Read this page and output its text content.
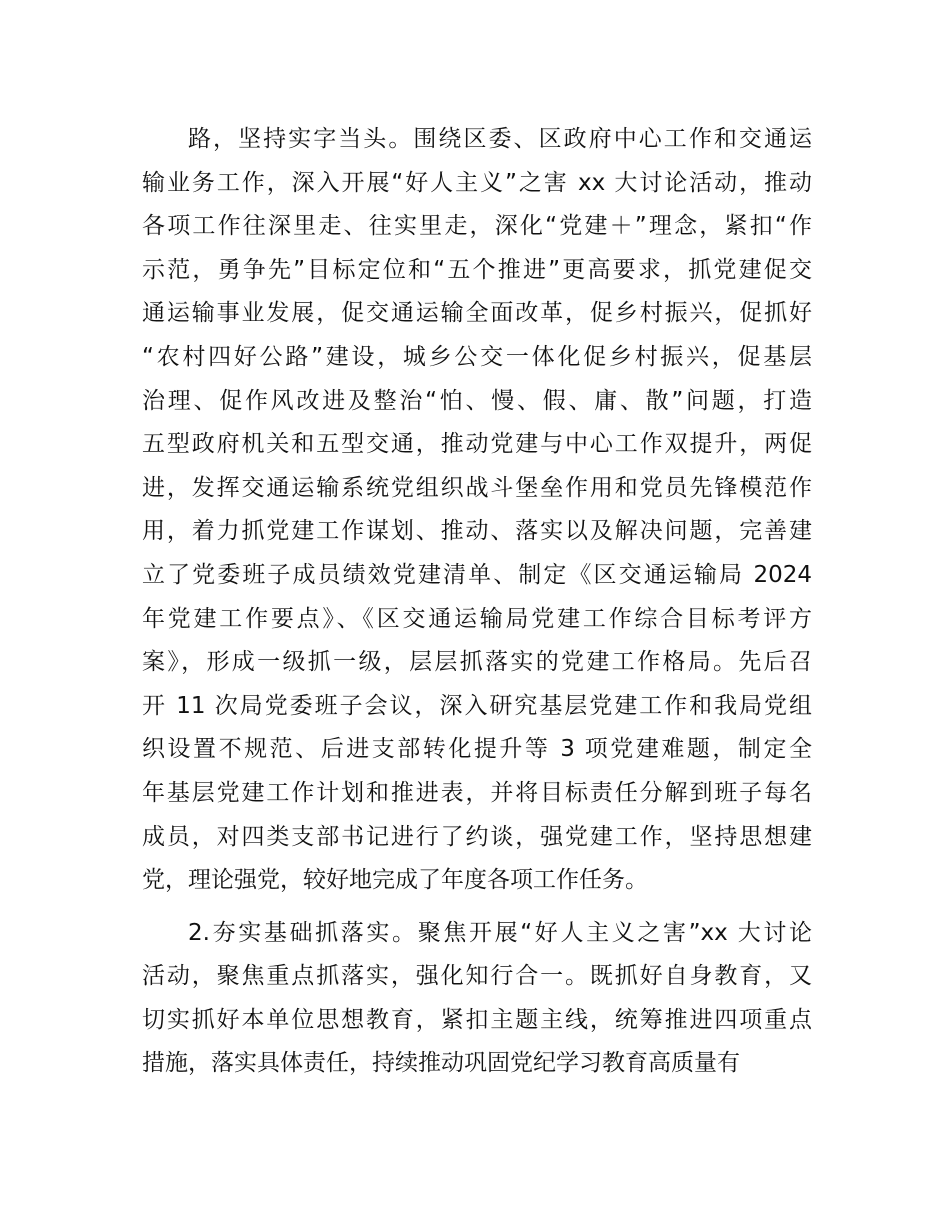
路，坚持实字当头。围绕区委、区政府中心工作和交通运
输业务工作，深入开展“好人主义”之害 xx 大讨论活动，推动
各项工作往深里走、往实里走，深化“党建＋”理念，紧扣“作
示范，勇争先”目标定位和“五个推进”更高要求，抓党建促交
通运输事业发展，促交通运输全面改革，促乡村振兴，促抓好
“农村四好公路”建设，城乡公交一体化促乡村振兴，促基层
治理、促作风改进及整治“怕、慢、假、庸、散”问题，打造
五型政府机关和五型交通，推动党建与中心工作双提升，两促
进，发挥交通运输系统党组织战斗堡垒作用和党员先锋模范作
用，着力抓党建工作谋划、推动、落实以及解决问题，完善建
立了党委班子成员绩效党建清单、制定《区交通运输局 2024
年党建工作要点》、《区交通运输局党建工作综合目标考评方
案》，形成一级抓一级，层层抓落实的党建工作格局。先后召
开 11 次局党委班子会议，深入研究基层党建工作和我局党组
织设置不规范、后进支部转化提升等 3 项党建难题，制定全
年基层党建工作计划和推进表，并将目标责任分解到班子每名
成员，对四类支部书记进行了约谈，强党建工作，坚持思想建
党，理论强党，较好地完成了年度各项工作任务。
2.夯实基础抓落实。聚焦开展“好人主义之害”xx 大讨论
活动，聚焦重点抓落实，强化知行合一。既抓好自身教育，又
切实抓好本单位思想教育，紧扣主题主线，统筹推进四项重点
措施，落实具体责任，持续推动巩固党纪学习教育高质量有
